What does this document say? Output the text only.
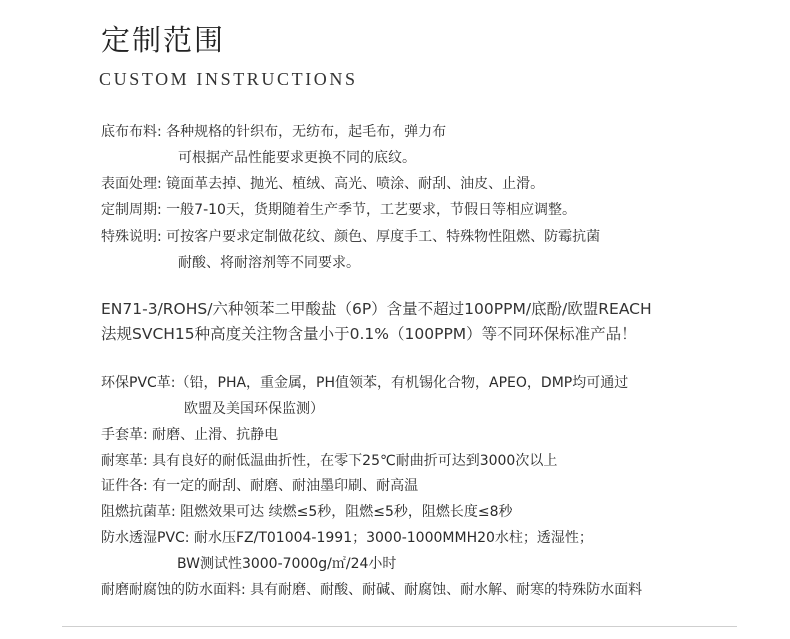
定制范围
CUSTOM INSTRUCTIONS
底布布料: 各种规格的针织布，无纺布，起毛布，弹力布
可根据产品性能要求更换不同的底纹。
表面处理: 镜面革去掉、抛光、植绒、高光、喷涂、耐刮、油皮、止滑。
定制周期: 一般7-10天，货期随着生产季节，工艺要求，节假日等相应调整。
特殊说明: 可按客户要求定制做花纹、颜色、厚度手工、特殊物性阻燃、防霉抗菌
耐酸、将耐溶剂等不同要求。
EN71-3/ROHS/六种领苯二甲酸盐（6P）含量不超过100PPM/底酚/欧盟REACH
法规SVCH15种高度关注物含量小于0.1%（100PPM）等不同环保标准产品！
环保PVC革:（铅，PHA，重金属，PH值领苯，有机锡化合物，APEO，DMP均可通过
欧盟及美国环保监测）
手套革: 耐磨、止滑、抗静电
耐寒革: 具有良好的耐低温曲折性，在零下25℃耐曲折可达到3000次以上
证件各: 有一定的耐刮、耐磨、耐油墨印刷、耐高温
阻燃抗菌革: 阻燃效果可达 续燃≤5秒，阻燃≤5秒，阻燃长度≤8秒
防水透湿PVC: 耐水压FZ/T01004-1991；3000-1000MMH20水柱；透湿性；
BW测试性3000-7000g/㎡/24小时
耐磨耐腐蚀的防水面料: 具有耐磨、耐酸、耐碱、耐腐蚀、耐水解、耐寒的特殊防水面料
